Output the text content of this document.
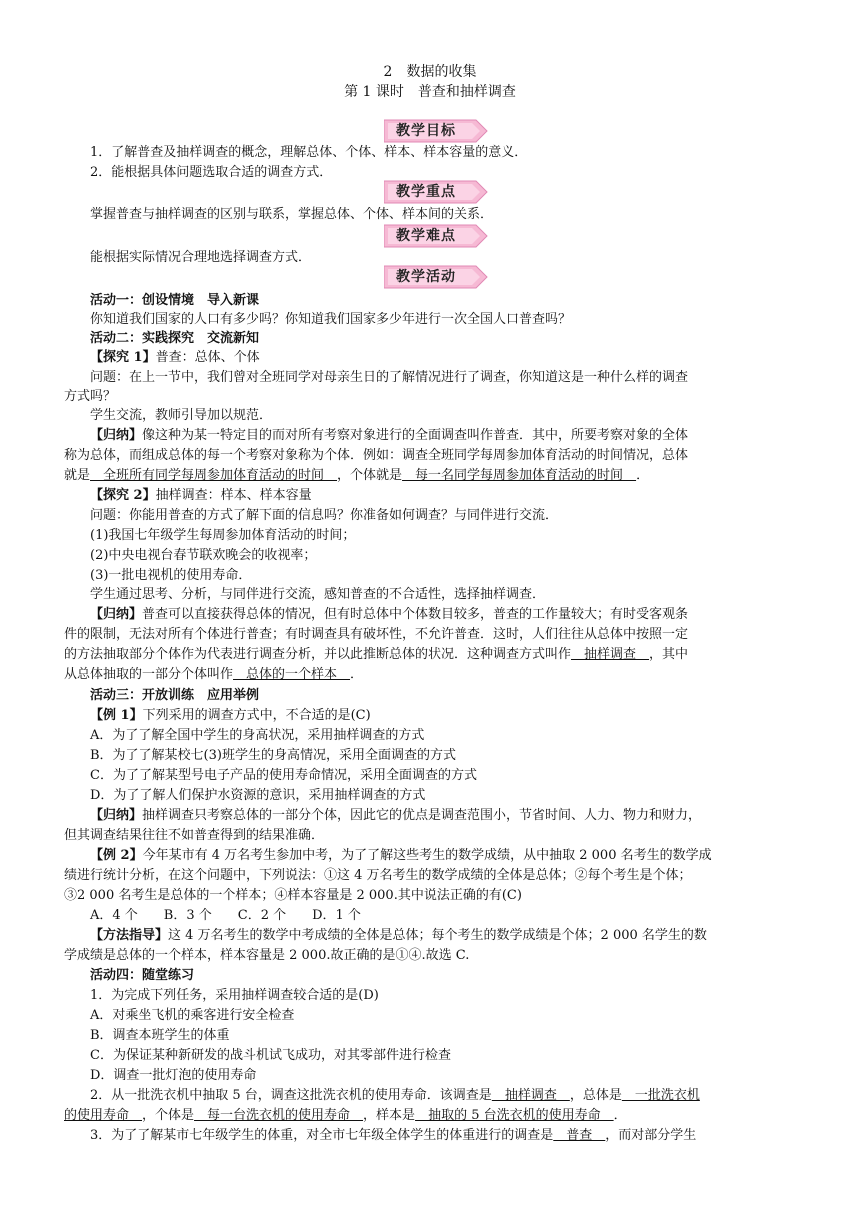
2　数据的收集
第 1 课时　普查和抽样调查
教学目标
1．了解普查及抽样调查的概念，理解总体、个体、样本、样本容量的意义．
2．能根据具体问题选取合适的调查方式．
教学重点
掌握普查与抽样调查的区别与联系，掌握总体、个体、样本间的关系．
教学难点
能根据实际情况合理地选择调查方式．
教学活动
活动一：创设情境　导入新课
你知道我们国家的人口有多少吗？你知道我们国家多少年进行一次全国人口普查吗？
活动二：实践探究　交流新知
【探究 1】普查：总体、个体
问题：在上一节中，我们曾对全班同学对母亲生日的了解情况进行了调查，你知道这是一种什么样的调查
方式吗？
学生交流，教师引导加以规范．
【归纳】像这种为某一特定目的而对所有考察对象进行的全面调查叫作普查．其中，所要考察对象的全体
称为总体，而组成总体的每一个考察对象称为个体．例如：调查全班同学每周参加体育活动的时间情况，总体
就是　全班所有同学每周参加体育活动的时间　，个体就是　每一名同学每周参加体育活动的时间　．
【探究 2】抽样调查：样本、样本容量
问题：你能用普查的方式了解下面的信息吗？你准备如何调查？与同伴进行交流．
(1)我国七年级学生每周参加体育活动的时间；
(2)中央电视台春节联欢晚会的收视率；
(3)一批电视机的使用寿命．
学生通过思考、分析，与同伴进行交流，感知普查的不合适性，选择抽样调查．
【归纳】普查可以直接获得总体的情况，但有时总体中个体数目较多，普查的工作量较大；有时受客观条
件的限制，无法对所有个体进行普查；有时调查具有破坏性，不允许普查．这时，人们往往从总体中按照一定
的方法抽取部分个体作为代表进行调查分析，并以此推断总体的状况．这种调查方式叫作　抽样调查　，其中
从总体抽取的一部分个体叫作　总体的一个样本　．
活动三：开放训练　应用举例
【例 1】下列采用的调查方式中，不合适的是(C)
A．为了了解全国中学生的身高状况，采用抽样调查的方式
B．为了了解某校七(3)班学生的身高情况，采用全面调查的方式
C．为了了解某型号电子产品的使用寿命情况，采用全面调查的方式
D．为了了解人们保护水资源的意识，采用抽样调查的方式
【归纳】抽样调查只考察总体的一部分个体，因此它的优点是调查范围小，节省时间、人力、物力和财力，
但其调查结果往往不如普查得到的结果准确．
【例 2】今年某市有 4 万名考生参加中考，为了了解这些考生的数学成绩，从中抽取 2 000 名考生的数学成
绩进行统计分析，在这个问题中，下列说法：①这 4 万名考生的数学成绩的全体是总体；②每个考生是个体；
③2 000 名考生是总体的一个样本；④样本容量是 2 000.其中说法正确的有(C)
A．4 个　　B．3 个　　C．2 个　　D．1 个
【方法指导】这 4 万名考生的数学中考成绩的全体是总体；每个考生的数学成绩是个体；2 000 名学生的数
学成绩是总体的一个样本，样本容量是 2 000.故正确的是①④.故选 C.
活动四：随堂练习
1．为完成下列任务，采用抽样调查较合适的是(D)
A．对乘坐飞机的乘客进行安全检查
B．调查本班学生的体重
C．为保证某种新研发的战斗机试飞成功，对其零部件进行检查
D．调查一批灯泡的使用寿命
2．从一批洗衣机中抽取 5 台，调查这批洗衣机的使用寿命．该调查是　抽样调查　，总体是　一批洗衣机
的使用寿命　，个体是　每一台洗衣机的使用寿命　，样本是　抽取的 5 台洗衣机的使用寿命　．
3．为了了解某市七年级学生的体重，对全市七年级全体学生的体重进行的调查是　普查　，而对部分学生
